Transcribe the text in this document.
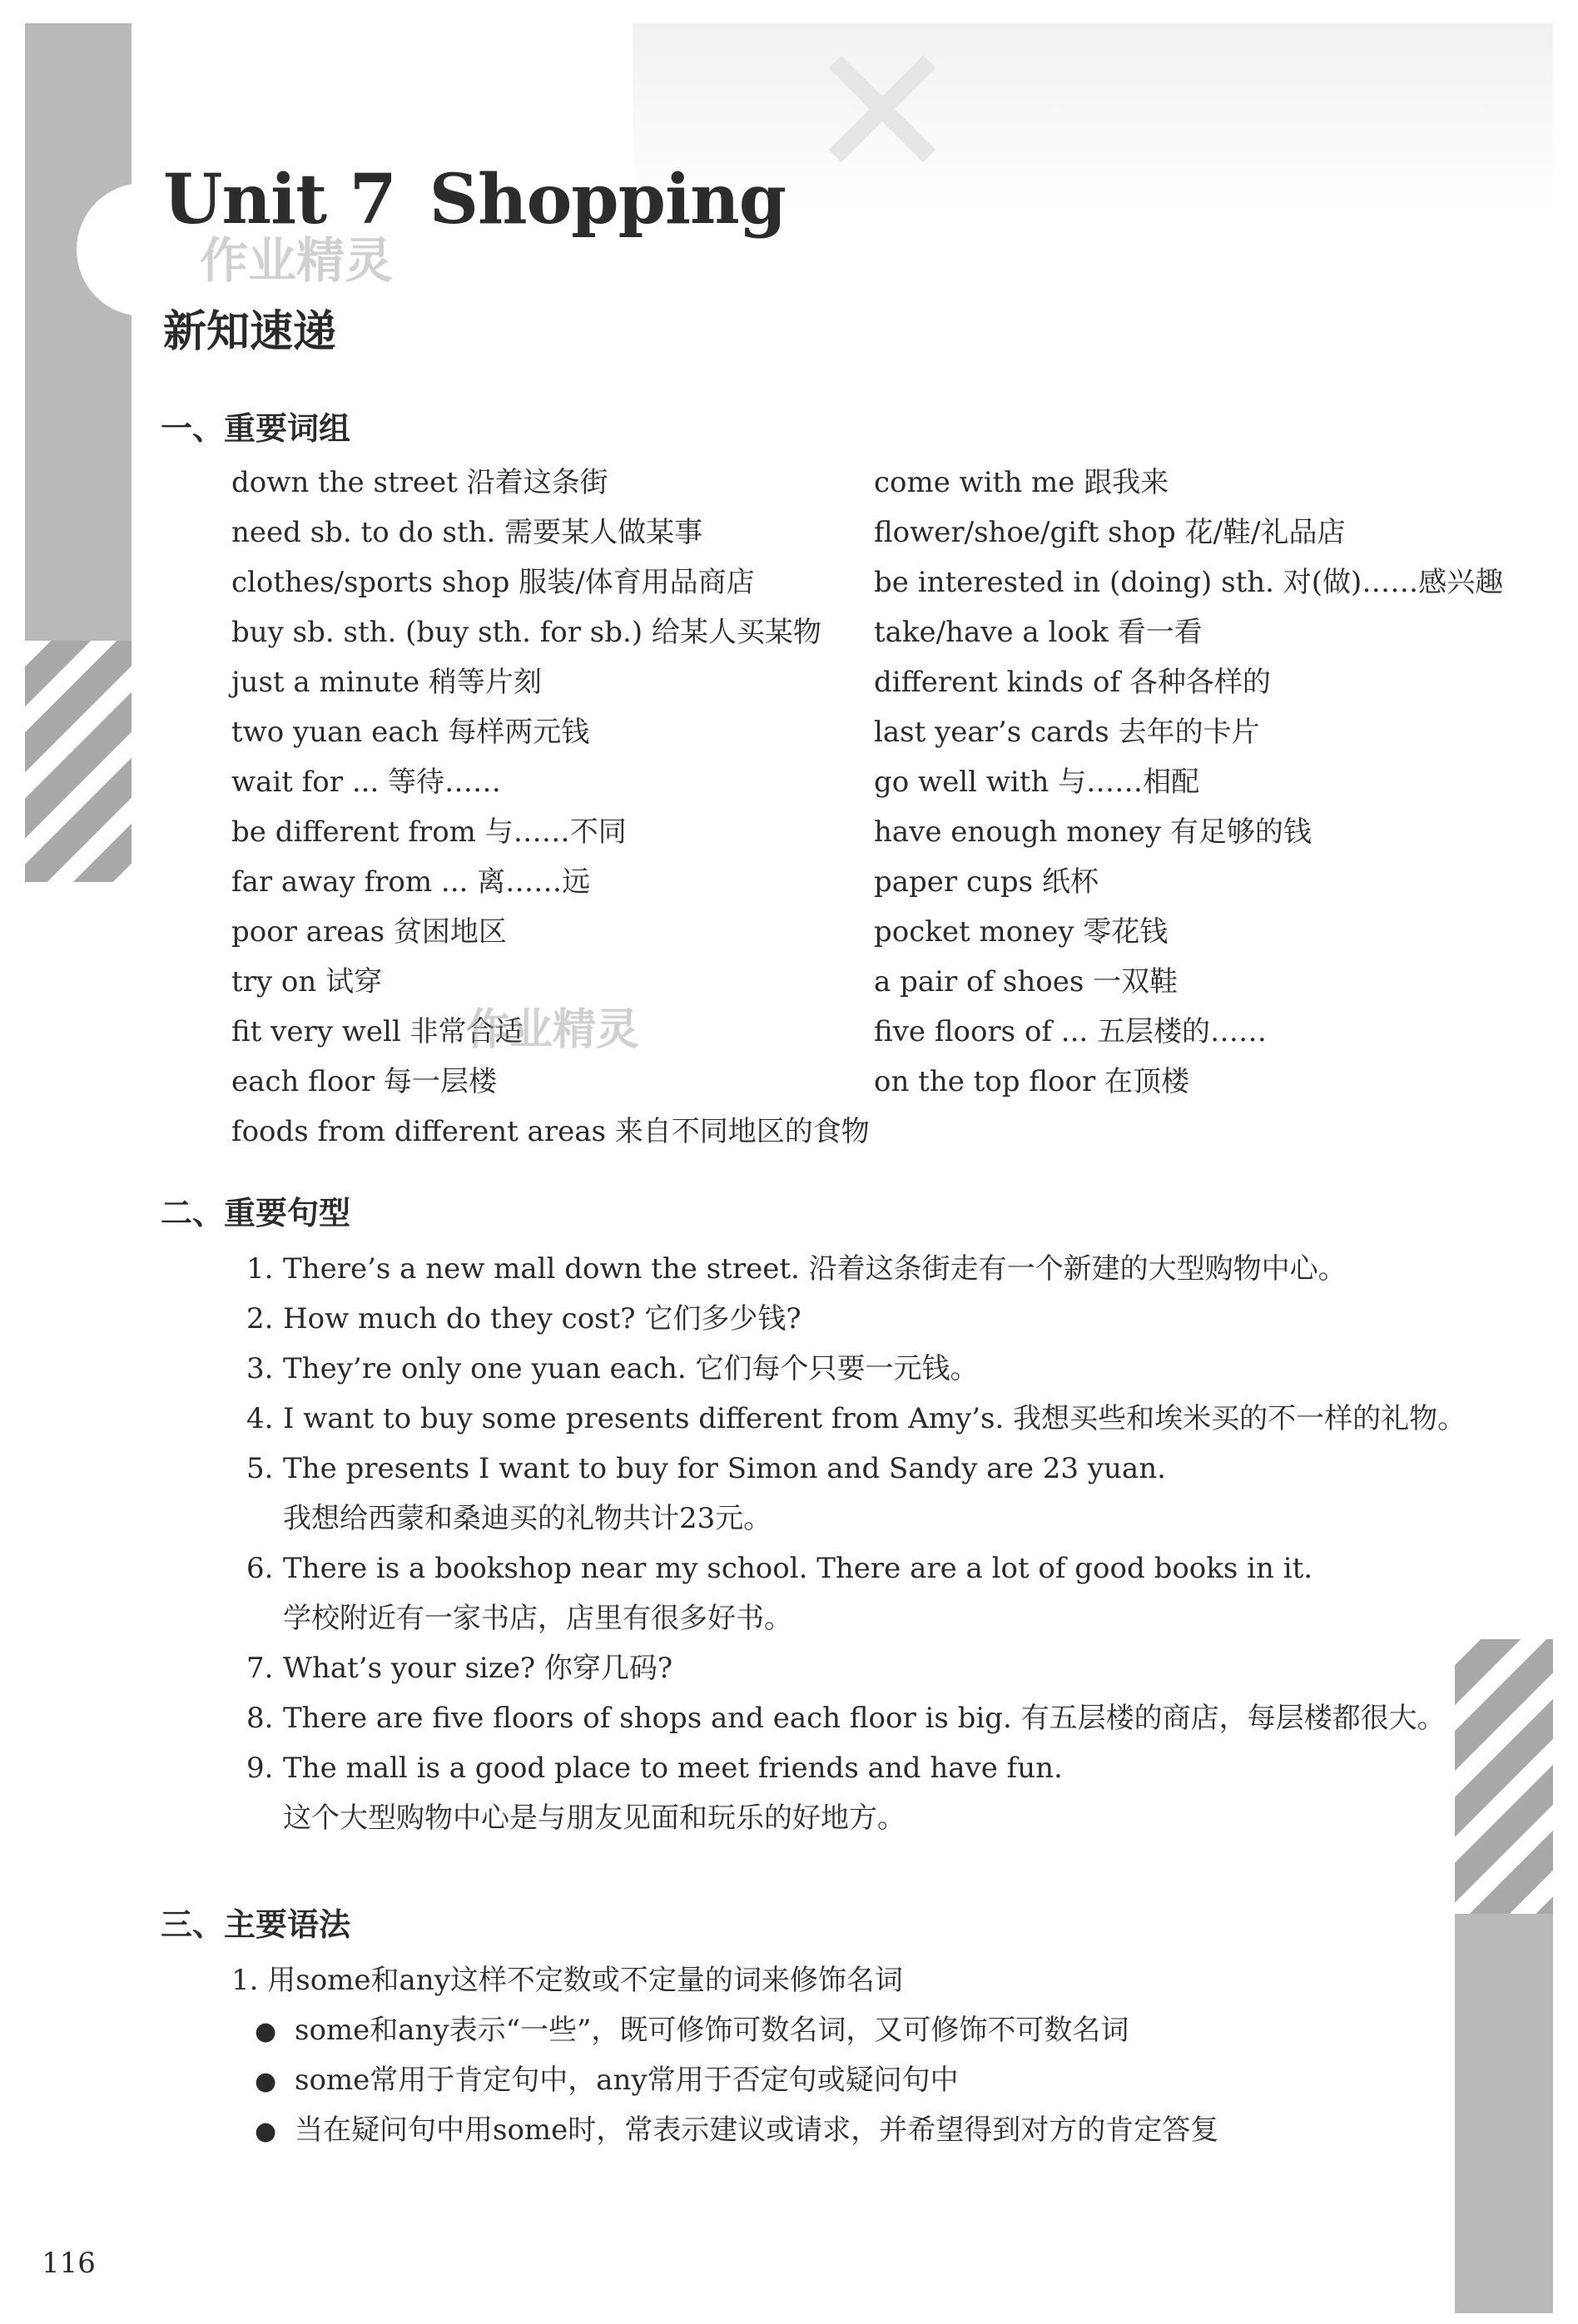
✕
Unit 7 Shopping
作业精灵
新知速递
一、重要词组
down the street 沿着这条街
need sb. to do sth. 需要某人做某事
clothes/sports shop 服装/体育用品商店
buy sb. sth. (buy sth. for sb.) 给某人买某物
just a minute 稍等片刻
two yuan each 每样两元钱
wait for ... 等待……
be different from 与……不同
far away from ... 离……远
poor areas 贫困地区
try on 试穿
fit very well 非常合适
each floor 每一层楼
come with me 跟我来
flower/shoe/gift shop 花/鞋/礼品店
be interested in (doing) sth. 对(做)……感兴趣
take/have a look 看一看
different kinds of 各种各样的
last year’s cards 去年的卡片
go well with 与……相配
have enough money 有足够的钱
paper cups 纸杯
pocket money 零花钱
a pair of shoes 一双鞋
five floors of ... 五层楼的……
on the top floor 在顶楼
foods from different areas 来自不同地区的食物
作业精灵
二、重要句型
1. There’s a new mall down the street. 沿着这条街走有一个新建的大型购物中心。
2. How much do they cost? 它们多少钱?
3. They’re only one yuan each. 它们每个只要一元钱。
4. I want to buy some presents different from Amy’s. 我想买些和埃米买的不一样的礼物。
5. The presents I want to buy for Simon and Sandy are 23 yuan.
我想给西蒙和桑迪买的礼物共计23元。
6. There is a bookshop near my school. There are a lot of good books in it.
学校附近有一家书店，店里有很多好书。
7. What’s your size? 你穿几码?
8. There are five floors of shops and each floor is big. 有五层楼的商店，每层楼都很大。
9. The mall is a good place to meet friends and have fun.
这个大型购物中心是与朋友见面和玩乐的好地方。
三、主要语法
1. 用some和any这样不定数或不定量的词来修饰名词
● some和any表示“一些”，既可修饰可数名词，又可修饰不可数名词
● some常用于肯定句中，any常用于否定句或疑问句中
● 当在疑问句中用some时，常表示建议或请求，并希望得到对方的肯定答复
116
